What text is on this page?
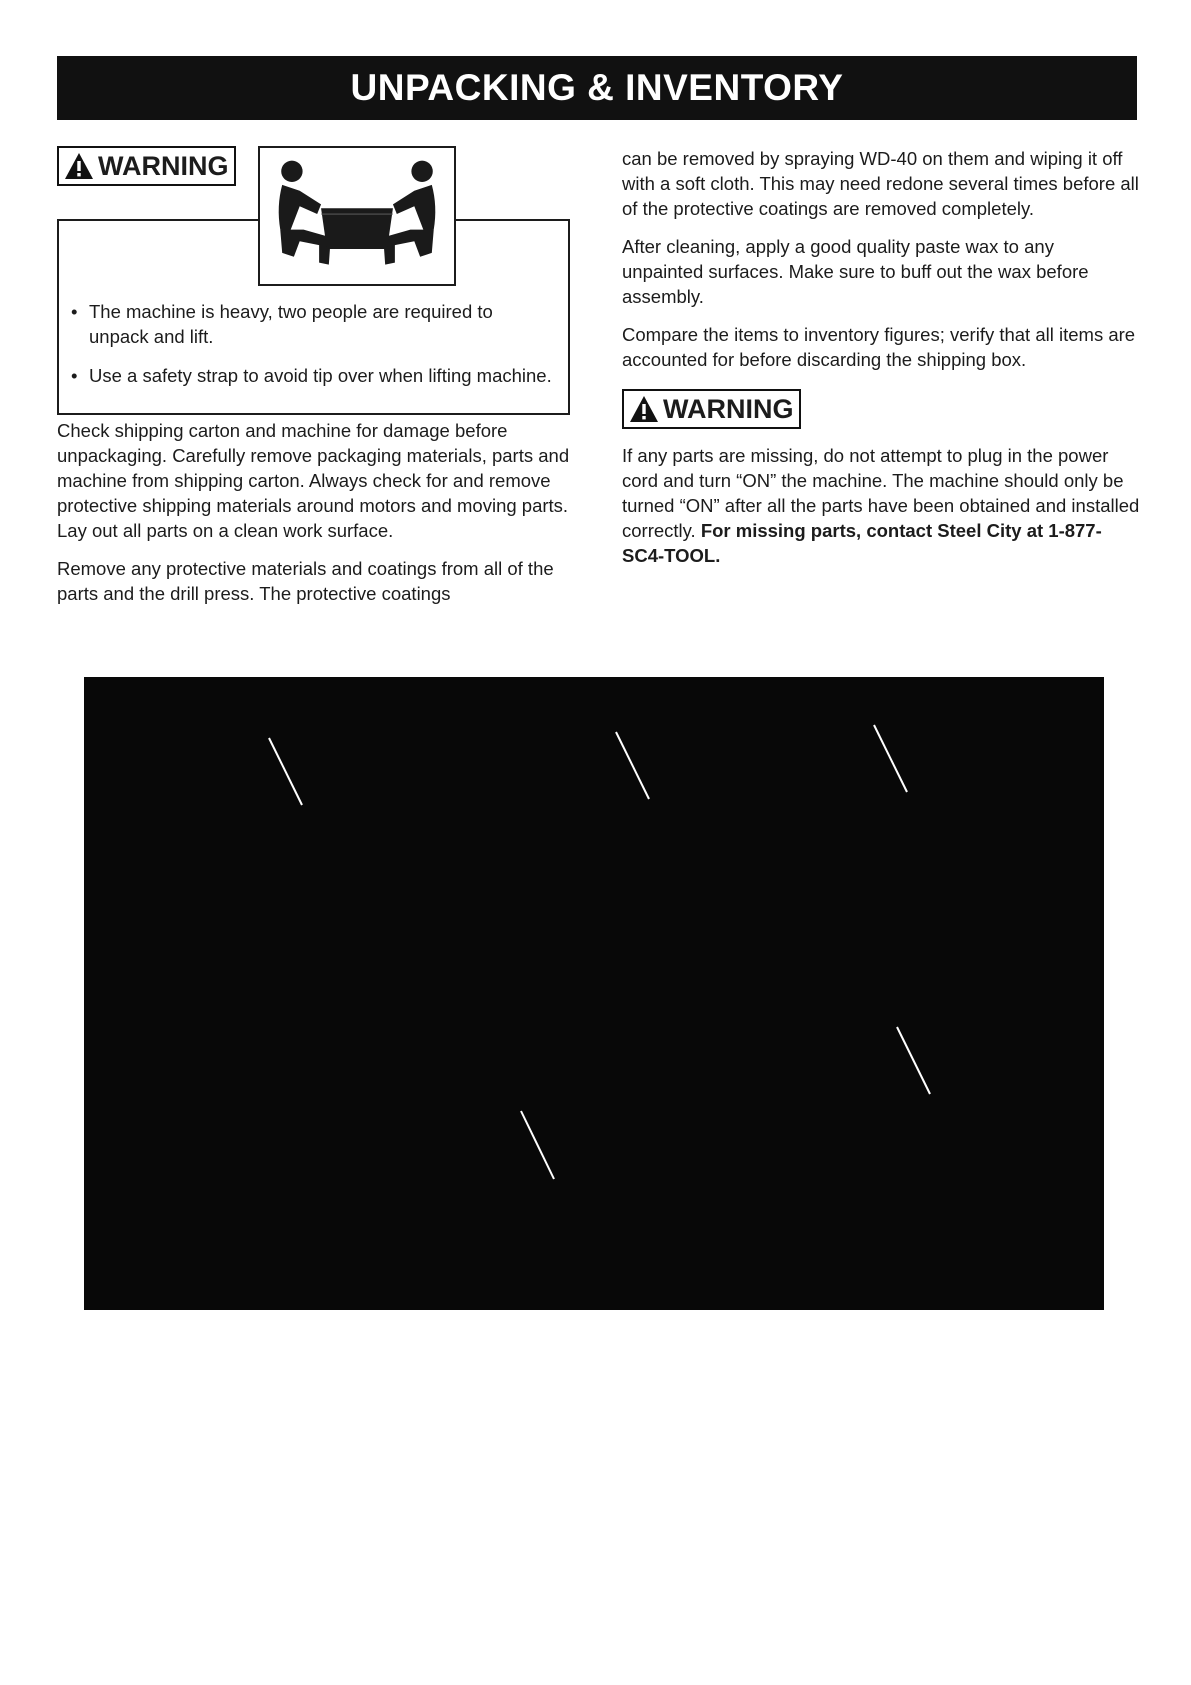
UNPACKING & INVENTORY
• The machine is heavy, two people are required to unpack and lift.
• Use a safety strap to avoid tip over when lifting machine.
WARNING

Check shipping carton and machine for damage before unpackaging. Carefully remove packaging materials, parts and machine from shipping carton. Always check for and remove protective shipping materials around motors and moving parts. Lay out all parts on a clean work surface.

Remove any protective materials and coatings from all of the parts and the drill press. The protective coatings

can be removed by spraying WD-40 on them and wiping it off with a soft cloth. This may need redone several times before all of the protective coatings are removed completely.

After cleaning, apply a good quality paste wax to any unpainted surfaces. Make sure to buff out the wax before assembly.

Compare the items to inventory figures; verify that all items are accounted for before discarding the shipping box.

WARNING

If any parts are missing, do not attempt to plug in the power cord and turn “ON” the machine. The machine should only be turned “ON” after all the parts have been obtained and installed correctly. For missing parts, contact Steel City at 1-877-SC4-TOOL.
